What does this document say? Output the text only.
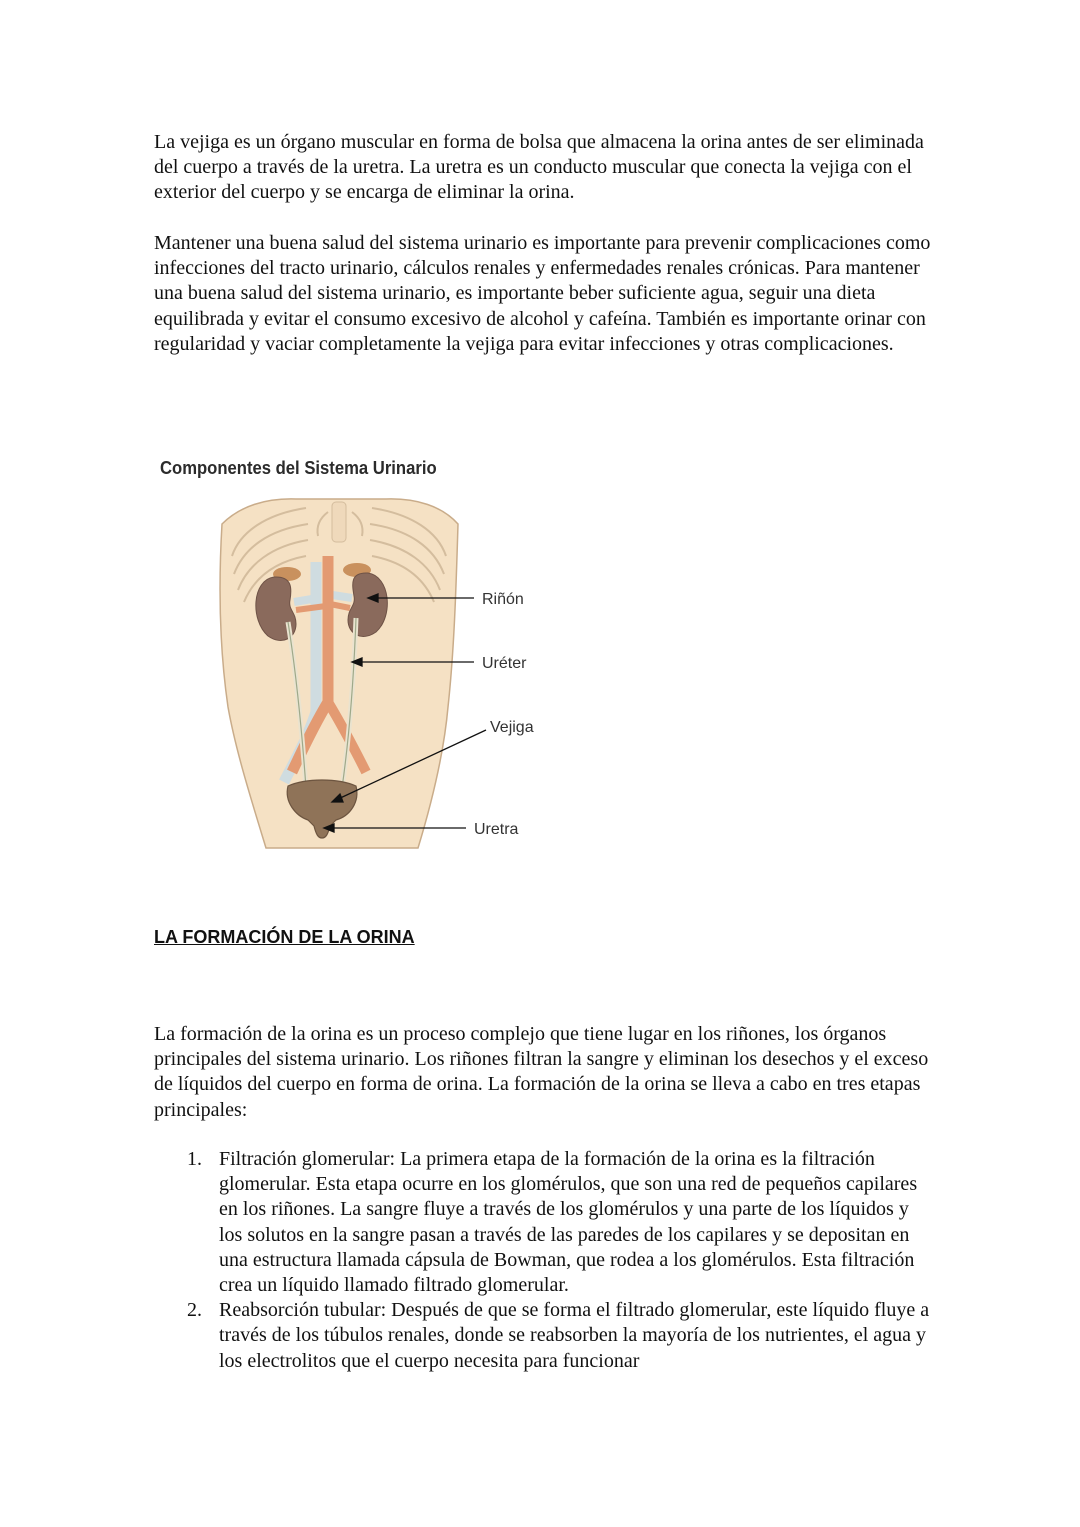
La vejiga es un órgano muscular en forma de bolsa que almacena la orina antes de ser eliminada del cuerpo a través de la uretra. La uretra es un conducto muscular que conecta la vejiga con el exterior del cuerpo y se encarga de eliminar la orina.

Mantener una buena salud del sistema urinario es importante para prevenir complicaciones como infecciones del tracto urinario, cálculos renales y enfermedades renales crónicas. Para mantener una buena salud del sistema urinario, es importante beber suficiente agua, seguir una dieta equilibrada y evitar el consumo excesivo de alcohol y cafeína. También es importante orinar con regularidad y vaciar completamente la vejiga para evitar infecciones y otras complicaciones.

Riñón
Uréter
Vejiga
Uretra
Componentes del Sistema Urinario
LA FORMACIÓN DE LA ORINA

La formación de la orina es un proceso complejo que tiene lugar en los riñones, los órganos principales del sistema urinario. Los riñones filtran la sangre y eliminan los desechos y el exceso de líquidos del cuerpo en forma de orina. La formación de la orina se lleva a cabo en tres etapas principales:

1. Filtración glomerular: La primera etapa de la formación de la orina es la filtración glomerular. Esta etapa ocurre en los glomérulos, que son una red de pequeños capilares en los riñones. La sangre fluye a través de los glomérulos y una parte de los líquidos y los solutos en la sangre pasan a través de las paredes de los capilares y se depositan en una estructura llamada cápsula de Bowman, que rodea a los glomérulos. Esta filtración crea un líquido llamado filtrado glomerular.
2. Reabsorción tubular: Después de que se forma el filtrado glomerular, este líquido fluye a través de los túbulos renales, donde se reabsorben la mayoría de los nutrientes, el agua y los electrolitos que el cuerpo necesita para funcionar
